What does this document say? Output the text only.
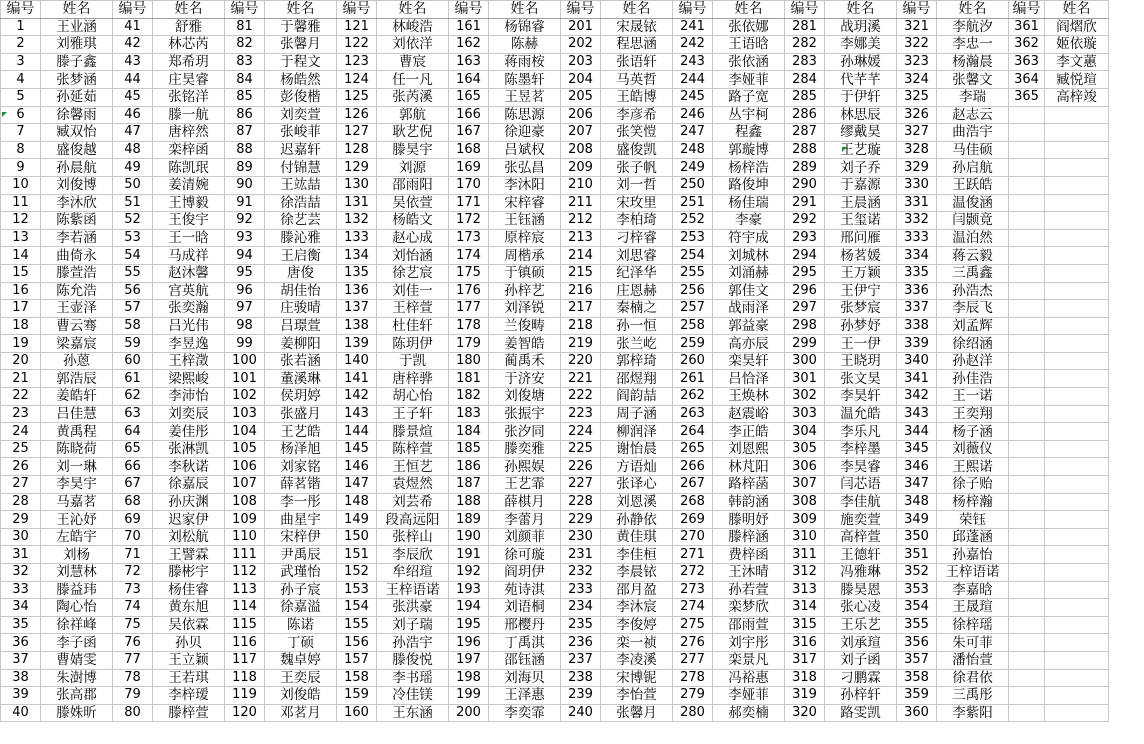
编号	姓名	编号	姓名	编号	姓名	编号	姓名	编号	姓名	编号	姓名	编号	姓名	编号	姓名	编号	姓名	编号	姓名
1	王业涵	41	舒雅	81	于馨雅	121	林峻浩	161	杨锦睿	201	宋晟铱	241	张依娜	281	战玥溪	321	李航汐	361	阎熠欣
2	刘雅琪	42	林芯芮	82	张馨月	122	刘依洋	162	陈赫	202	程思涵	242	王语晗	282	李娜美	322	李忠一	362	姬依璇
3	滕子鑫	43	郑希玥	83	于程文	123	曹宸	163	蒋雨桉	203	张语轩	243	张依涵	283	孙琳媛	323	杨瀚晨	363	李文蕙
4	张梦涵	44	庄昊睿	84	杨皓然	124	任一凡	164	陈墨轩	204	马英哲	244	李娅菲	284	代芊芊	324	张馨文	364	臧悦瑄
5	孙延茹	45	张铭洋	85	彭俊楷	125	张芮溪	165	王昱茗	205	王皓博	245	路子宽	285	于伊轩	325	李瑞	365	高梓竣
6	徐馨雨	46	滕一航	86	刘奕萱	126	郭航	166	陈思源	206	李彦希	246	丛宇柯	286	林思辰	326	赵志云		
7	臧双怡	47	唐梓然	87	张峻菲	127	耿艺倪	167	徐迎豪	207	张笑愷	247	程鑫	287	缪戴昊	327	曲浩宇		
8	盛俊越	48	栾梓函	88	迟嘉轩	128	滕昊宇	168	吕斌权	208	盛俊凯	248	郭璇博	288	王艺璇	328	马佳硕		
9	孙晨航	49	陈凯珉	89	付锦慧	129	刘源	169	张弘昌	209	张子帆	249	杨梓浩	289	刘子乔	329	孙启航		
10	刘俊博	50	姜清婉	90	王竑喆	130	邵雨阳	170	李沐阳	210	刘一哲	250	路俊坤	290	于嘉源	330	王跃皓		
11	李沐欣	51	王博毅	91	徐浩喆	131	吴依萱	171	宋梓睿	211	宋玫里	251	杨佳瑞	291	王晨涵	331	温俊涵		
12	陈紫函	52	王俊宇	92	徐艺芸	132	杨皓文	172	王钰涵	212	李柏琦	252	李豪	292	王玺诺	332	闫颢竟		
13	李若涵	53	王一晗	93	滕沁雅	133	赵心成	173	原梓宸	213	刁梓睿	253	符宇成	293	邢问雁	333	温泊然		
14	曲倚永	54	马成祥	94	王启衡	134	刘怡涵	174	周楷承	214	刘思睿	254	刘城林	294	杨茗媛	334	蒋云毅		
15	滕萱浩	55	赵沐馨	95	唐俊	135	徐艺宸	175	于镇硕	215	纪泽华	255	刘涌赫	295	王万颖	335	三禹鑫		
16	陈允浩	56	宫英航	96	胡佳怡	136	刘佳一	176	孙梓艺	216	庄恩赫	256	郭佳文	296	王伊宁	336	孙浩杰		
17	王壶泽	57	张奕瀚	97	庄骏晴	137	王梓萱	177	刘泽锐	217	秦楠之	257	战雨泽	297	张梦宸	337	李辰飞		
18	曹云骞	58	吕光伟	98	吕璟萱	138	杜佳轩	178	兰俊畴	218	孙一恒	258	郭益豪	298	孙梦妤	338	刘孟辉		
19	梁嘉宸	59	李昱逸	99	姜柳阳	139	陈玥伊	179	姜智皓	219	张兰屹	259	高亦辰	299	王一伊	339	徐绍涵		
20	孙蒽	60	王梓澂	100	张若涵	140	于凯	180	蔺禹禾	220	郭梓琦	260	栾昊轩	300	王晓玥	340	孙赵洋		
21	郭浩辰	61	梁熙峻	101	董溪琳	141	唐梓骅	181	于济安	221	邵煜翔	261	吕恰泽	301	张文昊	341	孙佳浩		
22	姜皓轩	62	李沛怡	102	侯玥婷	142	胡心怡	182	刘俊塘	222	阎韵喆	262	王焕林	302	李昊轩	342	王一诺		
23	吕佳慧	63	刘奕辰	103	张盛月	143	王子轩	183	张振宇	223	周子涵	263	赵震峪	303	温允皓	343	王奕翔		
24	黄禹程	64	姜佳彤	104	王艺皓	144	滕景煊	184	张汐同	224	柳润泽	264	李正皓	304	李乐凡	344	杨子涵		
25	陈晓荷	65	张淋凯	105	杨泽旭	145	陈梓萱	185	滕奕雅	225	谢怡晨	265	刘恩熙	305	李梓墨	345	刘薇仪		
26	刘一琳	66	李秋诺	106	刘家铭	146	王恒艺	186	孙熙娱	226	方语灿	266	林芃阳	306	李昊睿	346	王熙诺		
27	李昊宇	67	徐嘉辰	107	薛茗锴	147	袁煜然	187	王艺霏	227	张译心	267	路梓菡	307	闫芯语	347	徐子贻		
28	马嘉茗	68	孙庆渊	108	李一彤	148	刘芸希	188	薛棋月	228	刘恩溪	268	韩韵涵	308	李佳航	348	杨梓瀚		
29	王沁妤	69	迟家伊	109	曲星宇	149	段高远阳	189	李蕾月	229	孙静依	269	滕明妤	309	施奕萱	349	荣钰		
30	左皓宇	70	刘松航	110	宋梓伊	150	张梓山	190	刘颜菲	230	黄佳琪	270	滕梓涵	310	高梓萱	350	邱蓬涵		
31	刘杨	71	王譬霖	111	尹禹辰	151	李辰欣	191	徐可璇	231	李佳桓	271	费梓函	311	王德轩	351	孙嘉怡		
32	刘慧林	72	滕彬宇	112	武瑾怡	152	牟绍瑄	192	阎玥伊	232	李晨铱	272	王沐晴	312	冯雅琳	352	王梓语诺		
33	滕益玮	73	杨佳睿	113	孙子宸	153	王梓语诺	193	苑诗淇	233	邵月盈	273	孙若萱	313	滕昊恩	353	李嘉晗		
34	陶心怡	74	黄东旭	114	徐嘉溢	154	张洪豪	194	刘语桐	234	李沐宸	274	栾梦欣	314	张心凌	354	王晟瑄		
35	徐祥峰	75	吴依霖	115	陈诺	155	刘子瑞	195	邢樱丹	235	李俊婷	275	邵雨萱	315	王乐艺	355	徐梓瑶		
36	李子函	76	孙贝	116	丁硕	156	孙浩宇	196	丁禹淇	236	栾一祯	276	刘宇彤	316	刘承瑄	356	朱可菲		
37	曹婧雯	77	王立颖	117	魏卓婷	157	滕俊悦	197	邵钰涵	237	李凌溪	277	栾景凡	317	刘子函	357	潘怡萱		
38	朱澍博	78	王若琪	118	王奕辰	158	李书瑶	198	刘海贝	238	宋博铌	278	冯裕惠	318	刁鹏霖	358	徐君依		
39	张高郡	79	李梓瑷	119	刘俊皓	159	冷佳镁	199	王泽惠	239	李怡萱	279	李娅菲	319	孙梓轩	359	三禹彤		
40	滕姝昕	80	滕梓萱	120	邓茗月	160	王东涵	200	李奕霏	240	张馨月	280	郝奕楠	320	路雯凯	360	李紫阳		
